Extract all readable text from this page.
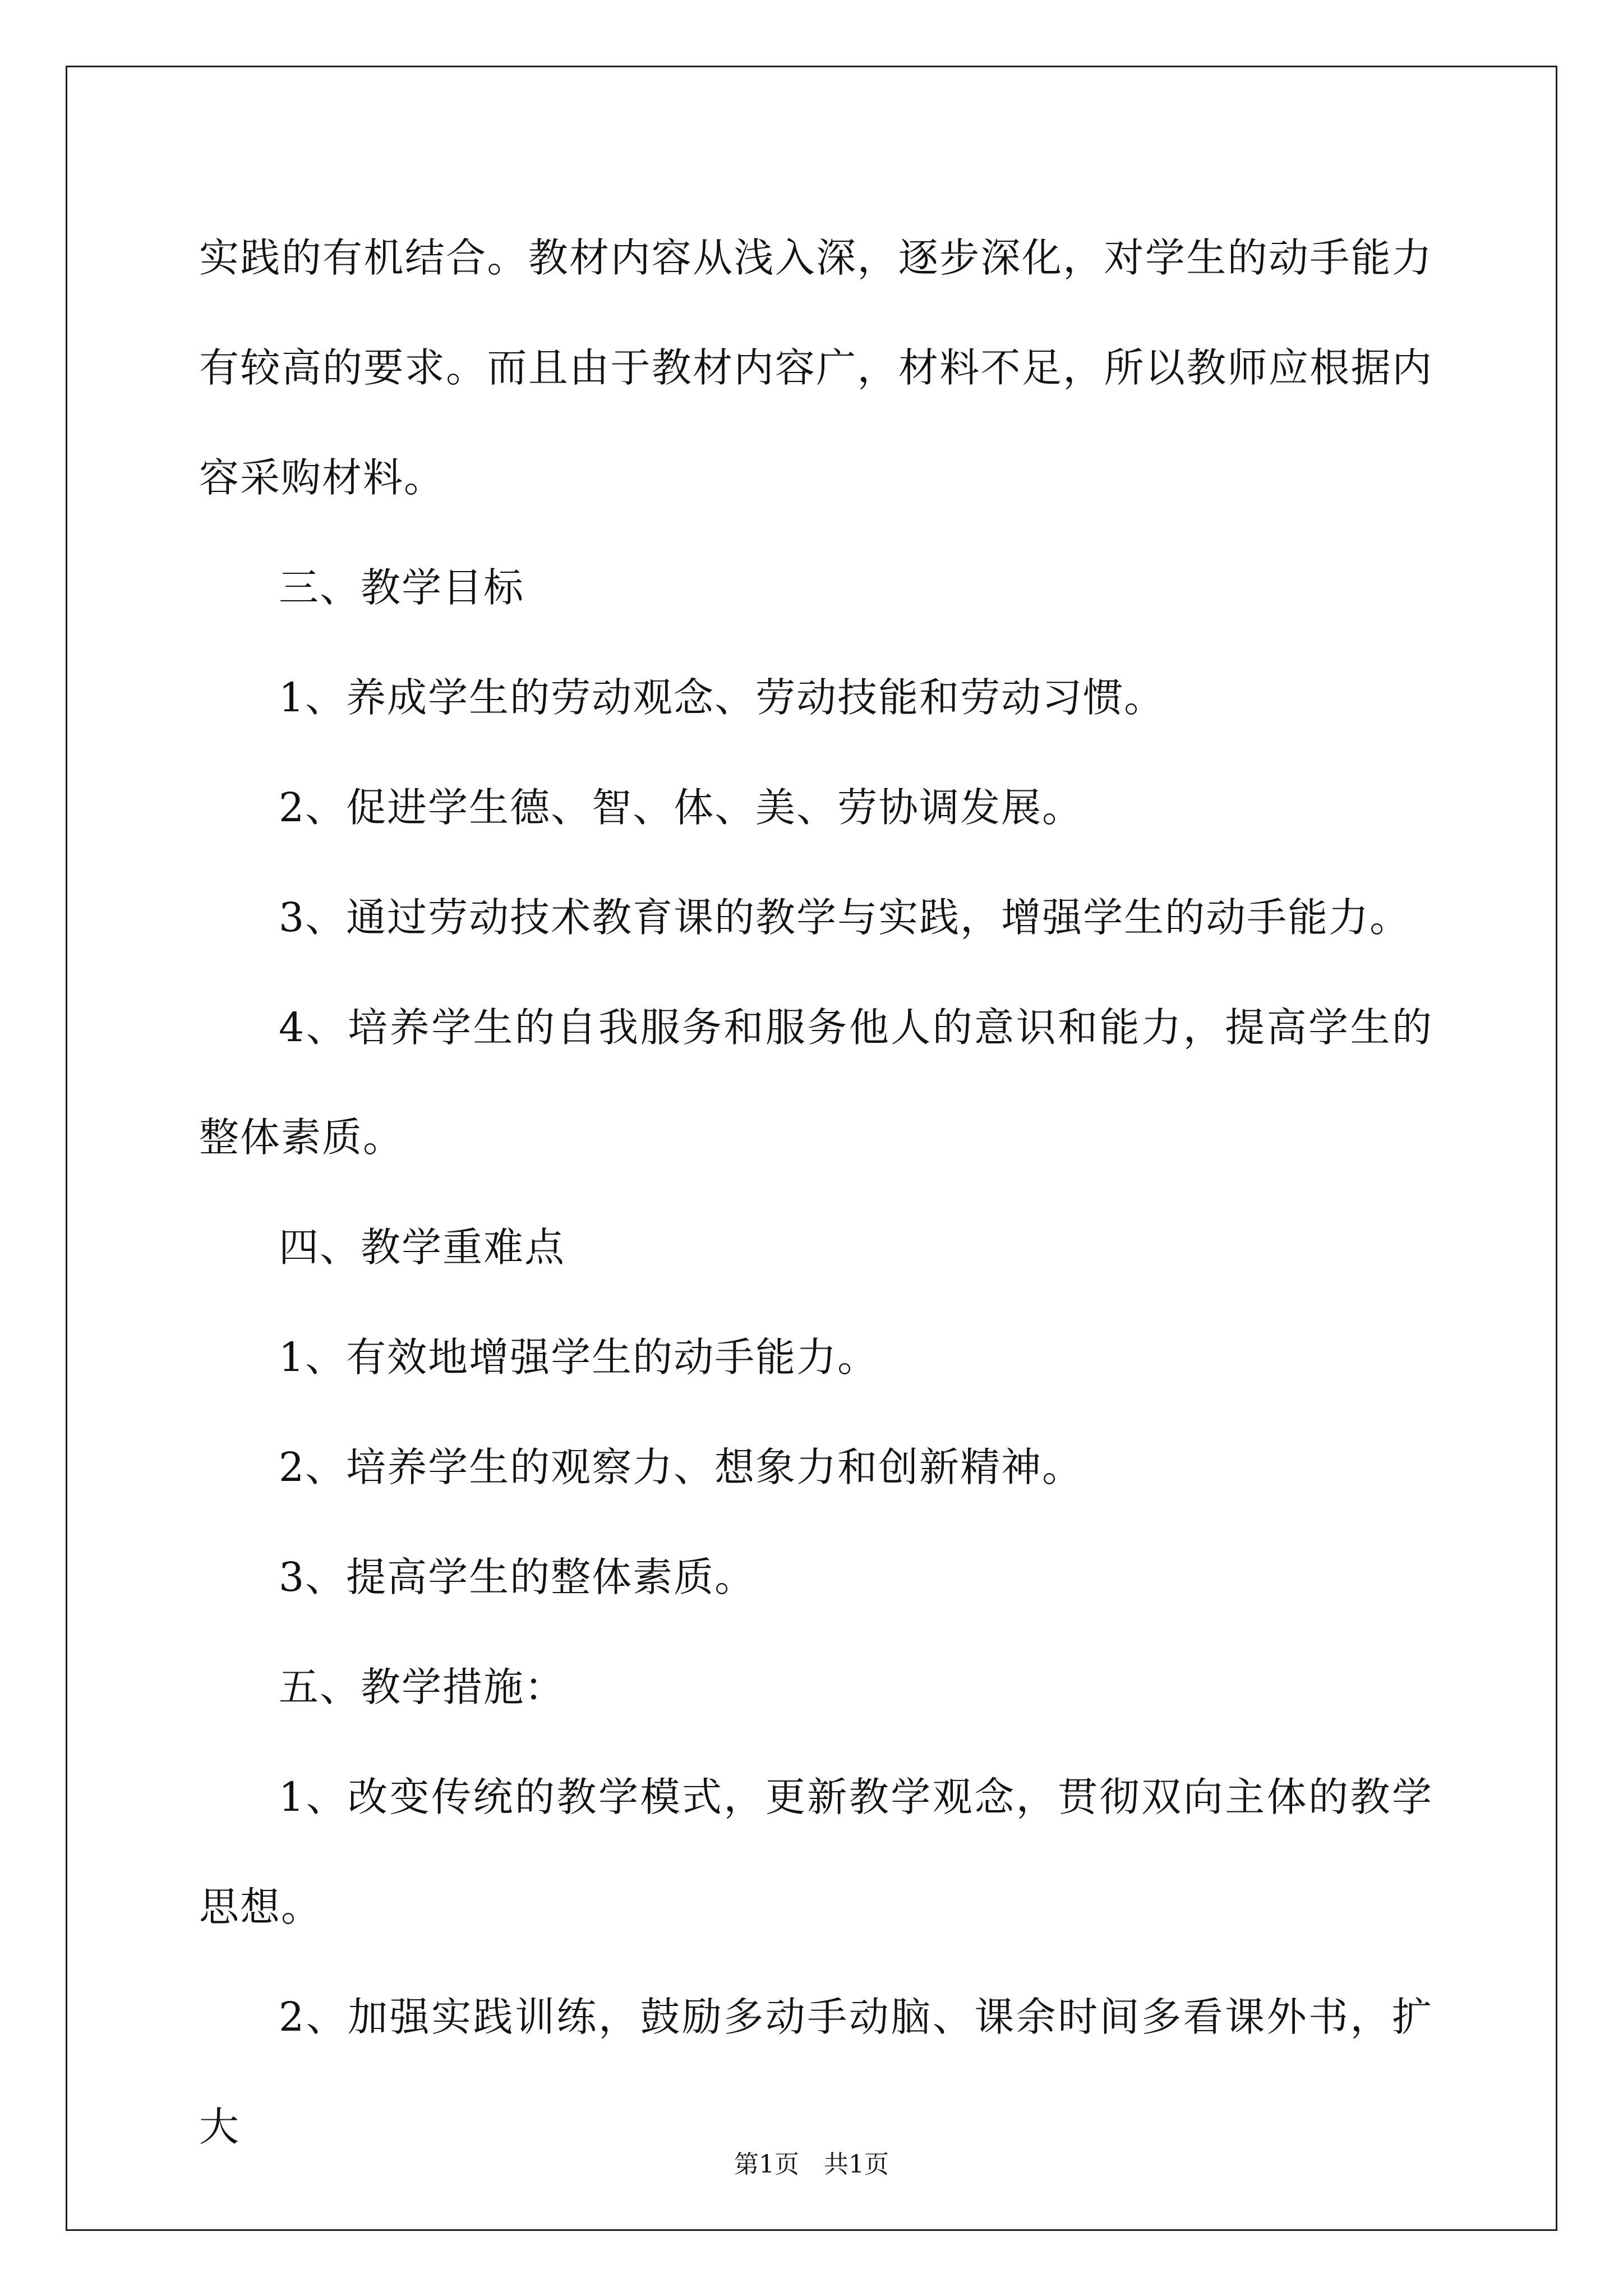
实践的有机结合。教材内容从浅入深，逐步深化，对学生的动手能力有较高的要求。而且由于教材内容广，材料不足，所以教师应根据内容采购材料。

三、教学目标

1、养成学生的劳动观念、劳动技能和劳动习惯。

2、促进学生德、智、体、美、劳协调发展。

3、通过劳动技术教育课的教学与实践，增强学生的动手能力。

4、培养学生的自我服务和服务他人的意识和能力，提高学生的整体素质。

四、教学重难点

1、有效地增强学生的动手能力。

2、培养学生的观察力、想象力和创新精神。

3、提高学生的整体素质。

五、教学措施：

1、改变传统的教学模式，更新教学观念，贯彻双向主体的教学思想。

2、加强实践训练，鼓励多动手动脑、课余时间多看课外书，扩大

第1页 共1页
